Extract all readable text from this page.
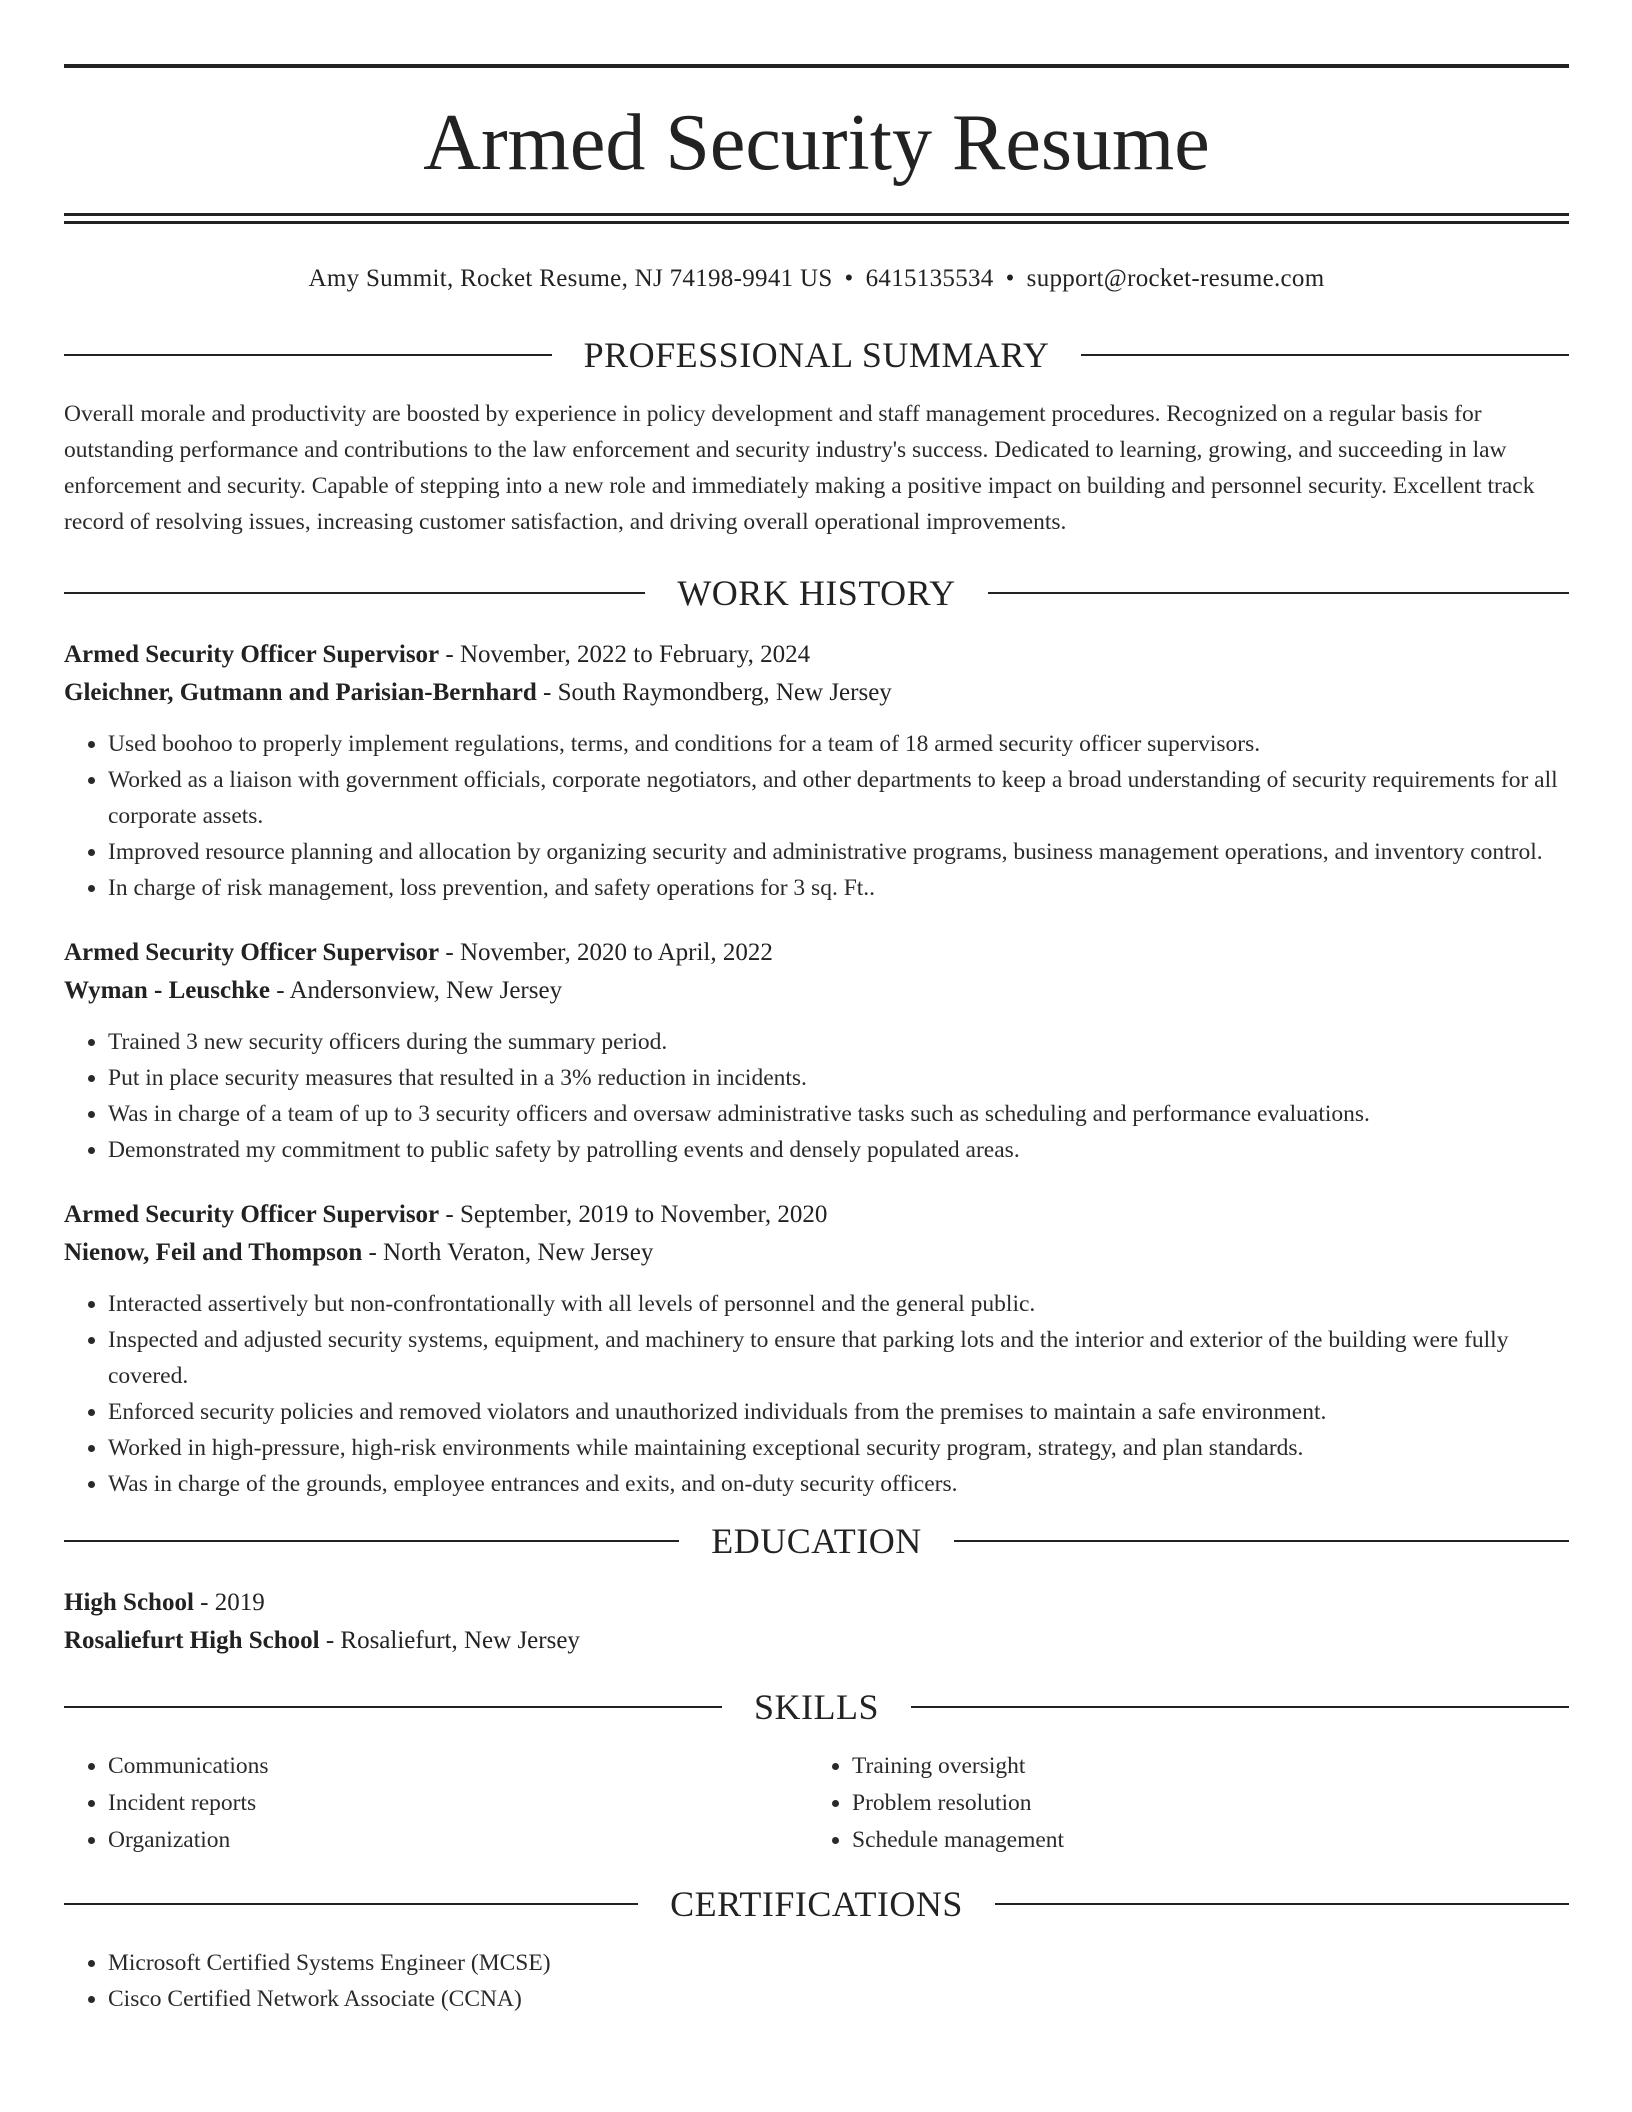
Armed Security Resume
Amy Summit, Rocket Resume, NJ 74198-9941 US • 6415135534 • support@rocket-resume.com
PROFESSIONAL SUMMARY
Overall morale and productivity are boosted by experience in policy development and staff management procedures. Recognized on a regular basis for outstanding performance and contributions to the law enforcement and security industry's success. Dedicated to learning, growing, and succeeding in law enforcement and security. Capable of stepping into a new role and immediately making a positive impact on building and personnel security. Excellent track record of resolving issues, increasing customer satisfaction, and driving overall operational improvements.
WORK HISTORY
Armed Security Officer Supervisor - November, 2022 to February, 2024
Gleichner, Gutmann and Parisian-Bernhard - South Raymondberg, New Jersey
• Used boohoo to properly implement regulations, terms, and conditions for a team of 18 armed security officer supervisors.
• Worked as a liaison with government officials, corporate negotiators, and other departments to keep a broad understanding of security requirements for all corporate assets.
• Improved resource planning and allocation by organizing security and administrative programs, business management operations, and inventory control.
• In charge of risk management, loss prevention, and safety operations for 3 sq. Ft..
Armed Security Officer Supervisor - November, 2020 to April, 2022
Wyman - Leuschke - Andersonview, New Jersey
• Trained 3 new security officers during the summary period.
• Put in place security measures that resulted in a 3% reduction in incidents.
• Was in charge of a team of up to 3 security officers and oversaw administrative tasks such as scheduling and performance evaluations.
• Demonstrated my commitment to public safety by patrolling events and densely populated areas.
Armed Security Officer Supervisor - September, 2019 to November, 2020
Nienow, Feil and Thompson - North Veraton, New Jersey
• Interacted assertively but non-confrontationally with all levels of personnel and the general public.
• Inspected and adjusted security systems, equipment, and machinery to ensure that parking lots and the interior and exterior of the building were fully covered.
• Enforced security policies and removed violators and unauthorized individuals from the premises to maintain a safe environment.
• Worked in high-pressure, high-risk environments while maintaining exceptional security program, strategy, and plan standards.
• Was in charge of the grounds, employee entrances and exits, and on-duty security officers.
EDUCATION
High School - 2019
Rosaliefurt High School - Rosaliefurt, New Jersey
SKILLS
• Communications
• Incident reports
• Organization
• Training oversight
• Problem resolution
• Schedule management
CERTIFICATIONS
• Microsoft Certified Systems Engineer (MCSE)
• Cisco Certified Network Associate (CCNA)
